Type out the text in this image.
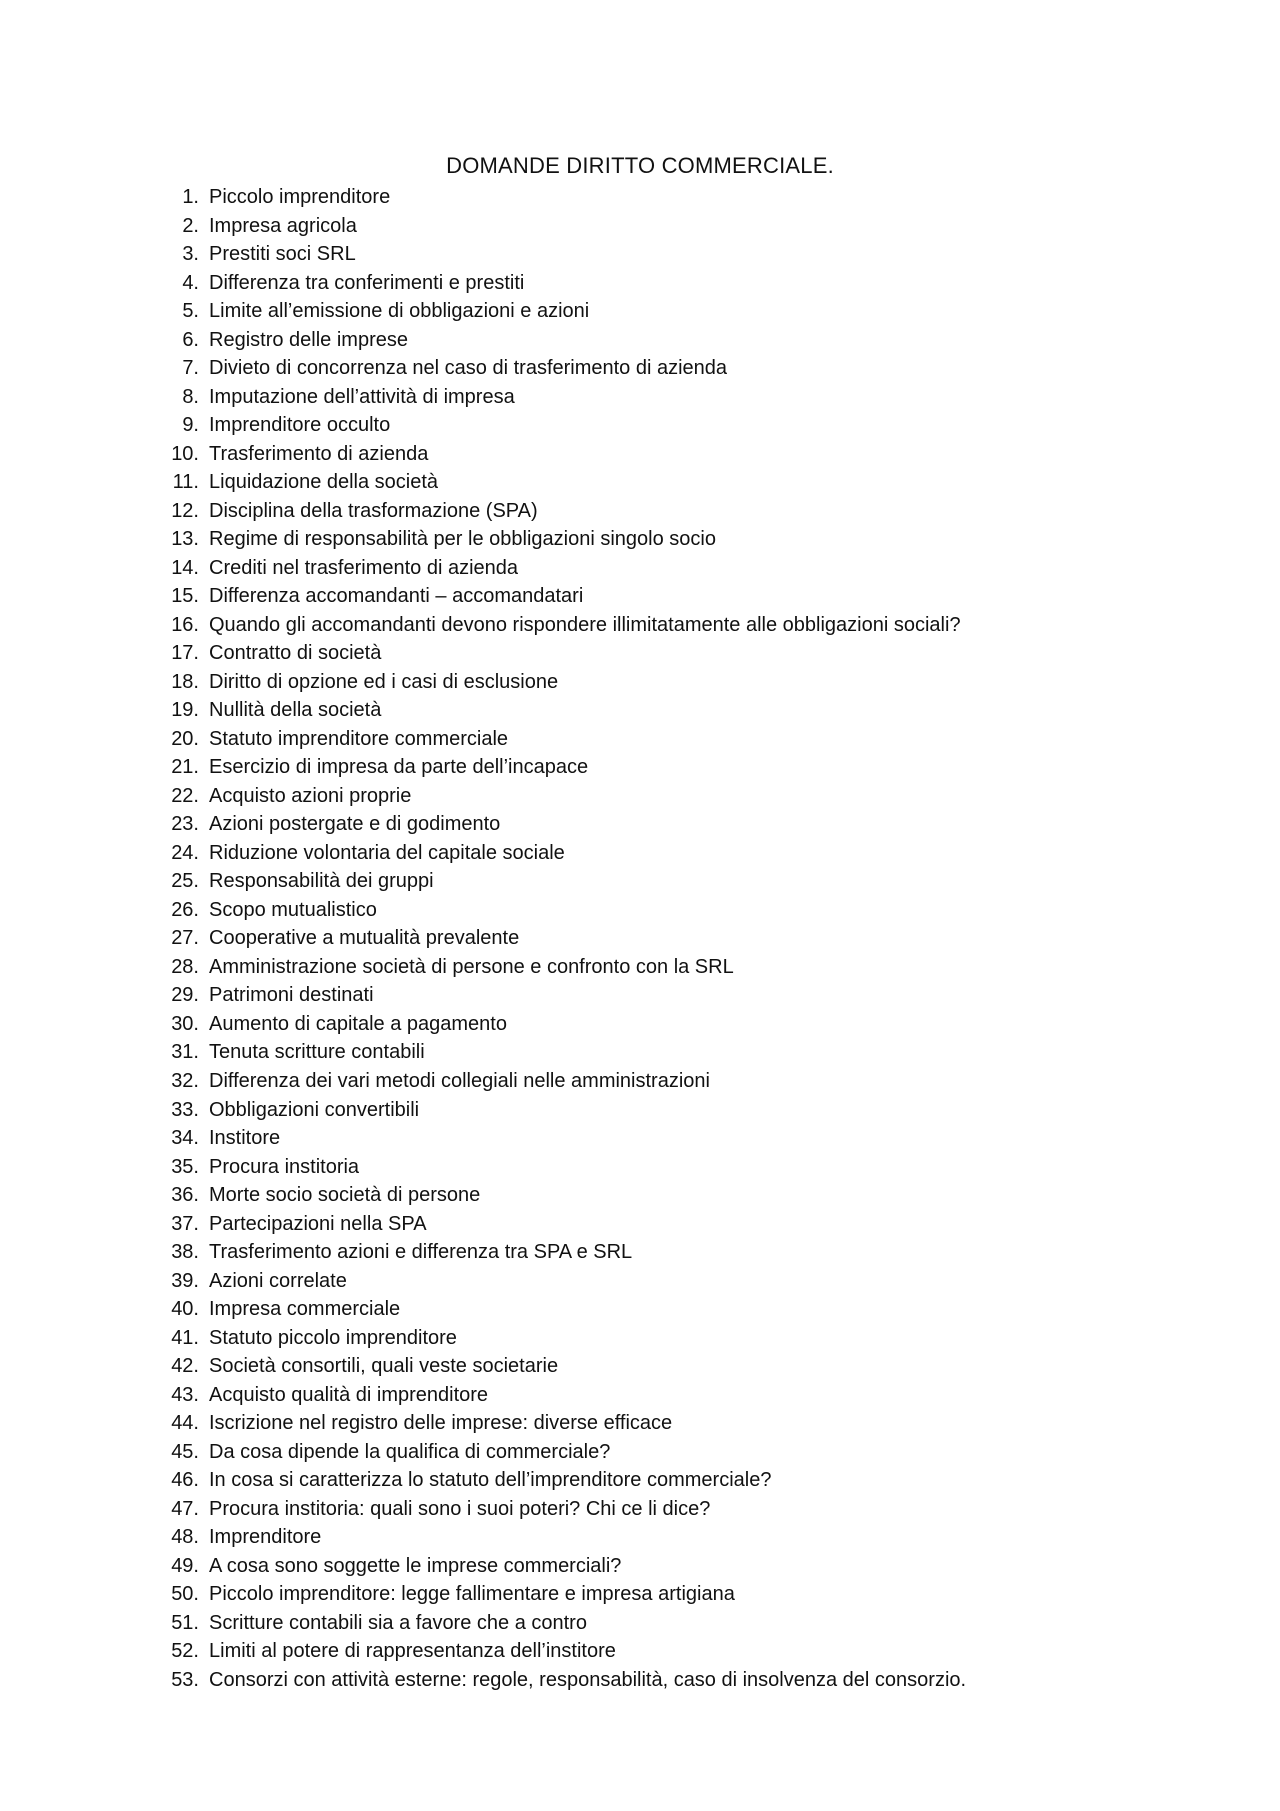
DOMANDE DIRITTO COMMERCIALE.
1. Piccolo imprenditore
2. Impresa agricola
3. Prestiti soci SRL
4. Differenza tra conferimenti e prestiti
5. Limite all’emissione di obbligazioni e azioni
6. Registro delle imprese
7. Divieto di concorrenza nel caso di trasferimento di azienda
8. Imputazione dell’attività di impresa
9. Imprenditore occulto
10. Trasferimento di azienda
11. Liquidazione della società
12. Disciplina della trasformazione (SPA)
13. Regime di responsabilità per le obbligazioni singolo socio
14. Crediti nel trasferimento di azienda
15. Differenza accomandanti – accomandatari
16. Quando gli accomandanti devono rispondere illimitatamente alle obbligazioni sociali?
17. Contratto di società
18. Diritto di opzione ed i casi di esclusione
19. Nullità della società
20. Statuto imprenditore commerciale
21. Esercizio di impresa da parte dell’incapace
22. Acquisto azioni proprie
23. Azioni postergate e di godimento
24. Riduzione volontaria del capitale sociale
25. Responsabilità dei gruppi
26. Scopo mutualistico
27. Cooperative a mutualità prevalente
28. Amministrazione società di persone e confronto con la SRL
29. Patrimoni destinati
30. Aumento di capitale a pagamento
31. Tenuta scritture contabili
32. Differenza dei vari metodi collegiali nelle amministrazioni
33. Obbligazioni convertibili
34. Institore
35. Procura institoria
36. Morte socio società di persone
37. Partecipazioni nella SPA
38. Trasferimento azioni e differenza tra SPA e SRL
39. Azioni correlate
40. Impresa commerciale
41. Statuto piccolo imprenditore
42. Società consortili, quali veste societarie
43. Acquisto qualità di imprenditore
44. Iscrizione nel registro delle imprese: diverse efficace
45. Da cosa dipende la qualifica di commerciale?
46. In cosa si caratterizza lo statuto dell’imprenditore commerciale?
47. Procura institoria: quali sono i suoi poteri? Chi ce li dice?
48. Imprenditore
49. A cosa sono soggette le imprese commerciali?
50. Piccolo imprenditore: legge fallimentare e impresa artigiana
51. Scritture contabili sia a favore che a contro
52. Limiti al potere di rappresentanza dell’institore
53. Consorzi con attività esterne: regole, responsabilità, caso di insolvenza del consorzio.
